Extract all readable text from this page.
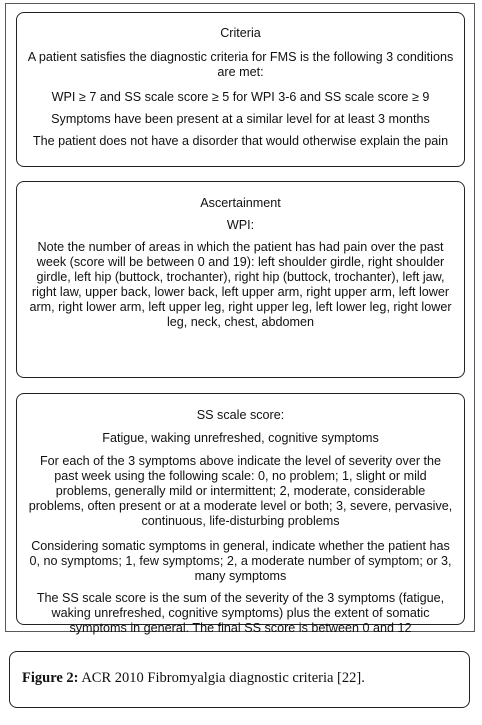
Criteria

A patient satisfies the diagnostic criteria for FMS is the following 3 conditions are met:

WPI ≥ 7 and SS scale score ≥ 5 for WPI 3-6 and SS scale score ≥ 9

Symptoms have been present at a similar level for at least 3 months

The patient does not have a disorder that would otherwise explain the pain

Ascertainment

WPI:

Note the number of areas in which the patient has had pain over the past week (score will be between 0 and 19): left shoulder girdle, right shoulder girdle, left hip (buttock, trochanter), right hip (buttock, trochanter), left jaw, right law, upper back, lower back, left upper arm, right upper arm, left lower arm, right lower arm, left upper leg, right upper leg, left lower leg, right lower leg, neck, chest, abdomen

SS scale score:

Fatigue, waking unrefreshed, cognitive symptoms

For each of the 3 symptoms above indicate the level of severity over the past week using the following scale: 0, no problem; 1, slight or mild problems, generally mild or intermittent; 2, moderate, considerable problems, often present or at a moderate level or both; 3, severe, pervasive, continuous, life-disturbing problems

Considering somatic symptoms in general, indicate whether the patient has 0, no symptoms; 1, few symptoms; 2, a moderate number of symptom; or 3, many symptoms

The SS scale score is the sum of the severity of the 3 symptoms (fatigue, waking unrefreshed, cognitive symptoms) plus the extent of somatic symptoms in general. The final SS score is between 0 and 12

Figure 2: ACR 2010 Fibromyalgia diagnostic criteria [22].
